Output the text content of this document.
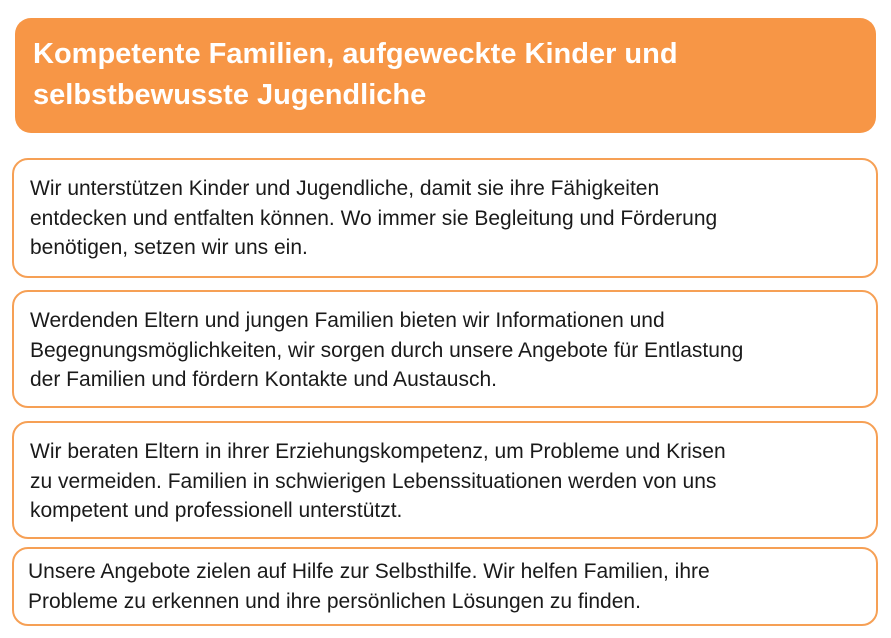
Kompetente Familien, aufgeweckte Kinder und
selbstbewusste Jugendliche

Wir unterstützen Kinder und Jugendliche, damit sie ihre Fähigkeiten
entdecken und entfalten können. Wo immer sie Begleitung und Förderung
benötigen, setzen wir uns ein.

Werdenden Eltern und jungen Familien bieten wir Informationen und
Begegnungsmöglichkeiten, wir sorgen durch unsere Angebote für Entlastung
der Familien und fördern Kontakte und Austausch.

Wir beraten Eltern in ihrer Erziehungskompetenz, um Probleme und Krisen
zu vermeiden. Familien in schwierigen Lebenssituationen werden von uns
kompetent und professionell unterstützt.

Unsere Angebote zielen auf Hilfe zur Selbsthilfe. Wir helfen Familien, ihre
Probleme zu erkennen und ihre persönlichen Lösungen zu finden.
